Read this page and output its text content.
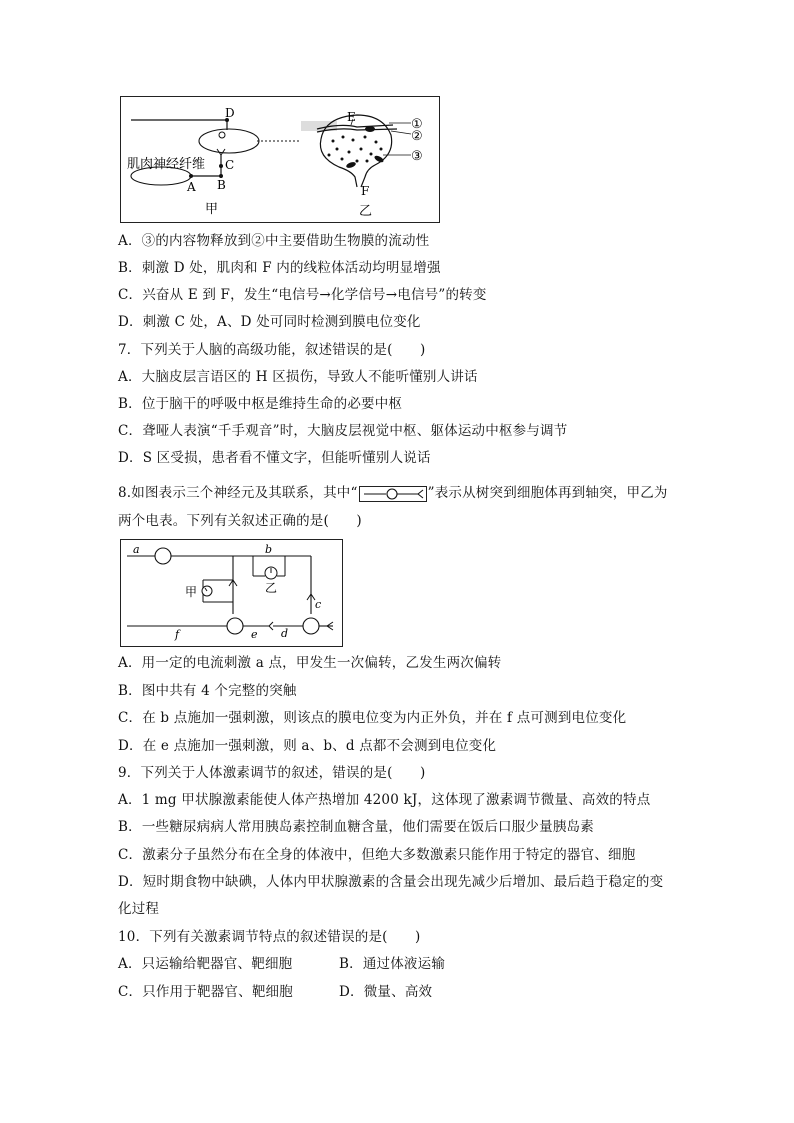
D
C
B
A
肌肉神经纤维
甲
E
F
乙
①
②
③
A．③的内容物释放到②中主要借助生物膜的流动性
B．刺激 D 处，肌肉和 F 内的线粒体活动均明显增强
C．兴奋从 E 到 F，发生“电信号→化学信号→电信号”的转变
D．刺激 C 处，A、D 处可同时检测到膜电位变化
7．下列关于人脑的高级功能，叙述错误的是(　　)
A．大脑皮层言语区的 H 区损伤，导致人不能听懂别人讲话
B．位于脑干的呼吸中枢是维持生命的必要中枢
C．聋哑人表演“千手观音”时，大脑皮层视觉中枢、躯体运动中枢参与调节
D．S 区受损，患者看不懂文字，但能听懂别人说话
8.如图表示三个神经元及其联系，其中“	”表示从树突到细胞体再到轴突，甲乙为
两个电表。下列有关叙述正确的是(　　)
a	b
c
d
e
f
甲	乙
A．用一定的电流刺激 a 点，甲发生一次偏转，乙发生两次偏转
B．图中共有 4 个完整的突触
C．在 b 点施加一强刺激，则该点的膜电位变为内正外负，并在 f 点可测到电位变化
D．在 e 点施加一强刺激，则 a、b、d 点都不会测到电位变化
9．下列关于人体激素调节的叙述，错误的是(　　)
A．1 mg 甲状腺激素能使人体产热增加 4200 kJ，这体现了激素调节微量、高效的特点
B．一些糖尿病病人常用胰岛素控制血糖含量，他们需要在饭后口服少量胰岛素
C．激素分子虽然分布在全身的体液中，但绝大多数激素只能作用于特定的器官、细胞
D．短时期食物中缺碘，人体内甲状腺激素的含量会出现先减少后增加、最后趋于稳定的变
化过程
10．下列有关激素调节特点的叙述错误的是(　　)
A．只运输给靶器官、靶细胞	B．通过体液运输
C．只作用于靶器官、靶细胞	D．微量、高效
